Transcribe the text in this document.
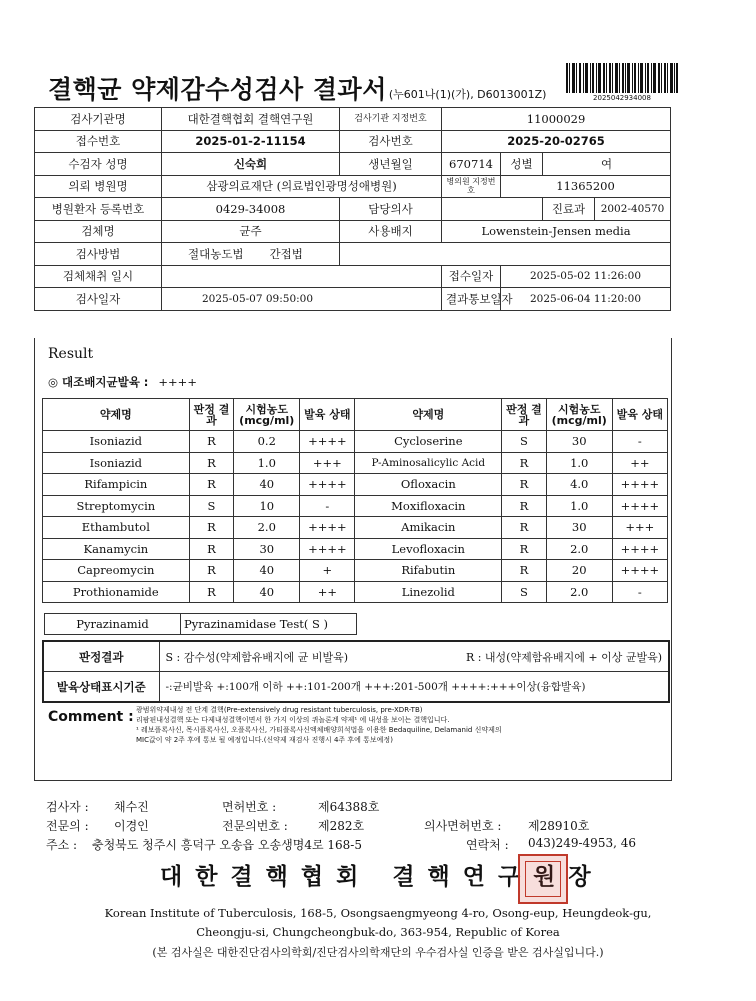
결핵균 약제감수성검사 결과서 (누601나(1)(가), D6013001Z)	2025042934008
검사기관명	대한결핵협회 결핵연구원	검사기관 지정번호	11000029			
접수번호	2025-01-2-11154	검사번호	2025-20-02765			
수검자 성명	신숙희	생년월일	670714	성별	여	
의뢰 병원명	삼광의료재단 (의료법인광명성애병원)		병의원 지정번호	11365200		
병원환자 등록번호	0429-34008	담당의사			진료과	2002-40570
검체명	균주	사용배지	Lowenstein-Jensen media			
검사방법	절대농도법 간접법					
검체채취 일시			접수일자	2025-05-02 11:26:00		
검사일자	2025-05-07 09:50:00		결과통보일자	2025-06-04 11:20:00		
Result
◎ 대조배지균발육 : ++++
약제명	판정 결과	시험농도 (mcg/ml)	발육 상태	약제명	판정 결과	시험농도 (mcg/ml)	발육 상태
Isoniazid	R	0.2	++++	Cycloserine	S	30	-
Isoniazid	R	1.0	+++	P-Aminosalicylic Acid	R	1.0	++
Rifampicin	R	40	++++	Ofloxacin	R	4.0	++++
Streptomycin	S	10	-	Moxifloxacin	R	1.0	++++
Ethambutol	R	2.0	++++	Amikacin	R	30	+++
Kanamycin	R	30	++++	Levofloxacin	R	2.0	++++
Capreomycin	R	40	+	Rifabutin	R	20	++++
Prothionamide	R	40	++	Linezolid	S	2.0	-
Pyrazinamid	Pyrazinamidase Test( S )
판정결과	S : 감수성(약제함유배지에 균 비발육)	R : 내성(약제함유배지에 + 이상 균발육)
발육상태표시기준	-:균비발육 +:100개 이하 ++:101-200개 +++:201-500개 ++++:+++이상(융합발육)	
Comment : 광범위약제내성 전 단계 결핵(Pre-extensively drug resistant tuberculosis, pre-XDR-TB)
리팜핀내성결핵 또는 다제내성결핵이면서 한 가지 이상의 퀴놀론계 약제¹ 에 내성을 보이는 결핵입니다.
¹ 레보플록사신, 목시플록사신, 오플록사신, 가티플록사신액체배양희석법을 이용한 Bedaquiline, Delamanid 신약제의
MIC값이 약 2주 후에 통보 될 예정입니다.(신약제 재검사 진행시 4주 후에 통보예정)
검사자 : 채수진	면허번호 :	제64388호
전문의 : 이경인	전문의번호 :	제282호	의사면허번호 : 제28910호
주소 : 충청북도 청주시 흥덕구 오송읍 오송생명4로 168-5	연락처 : 043)249-4953, 46
대한결핵협회 결핵연구원장
Korean Institute of Tuberculosis, 168-5, Osongsaengmyeong 4-ro, Osong-eup, Heungdeok-gu,
Cheongju-si, Chungcheongbuk-do, 363-954, Republic of Korea
(본 검사실은 대한진단검사의학회/진단검사의학재단의 우수검사실 인증을 받은 검사실입니다.)
